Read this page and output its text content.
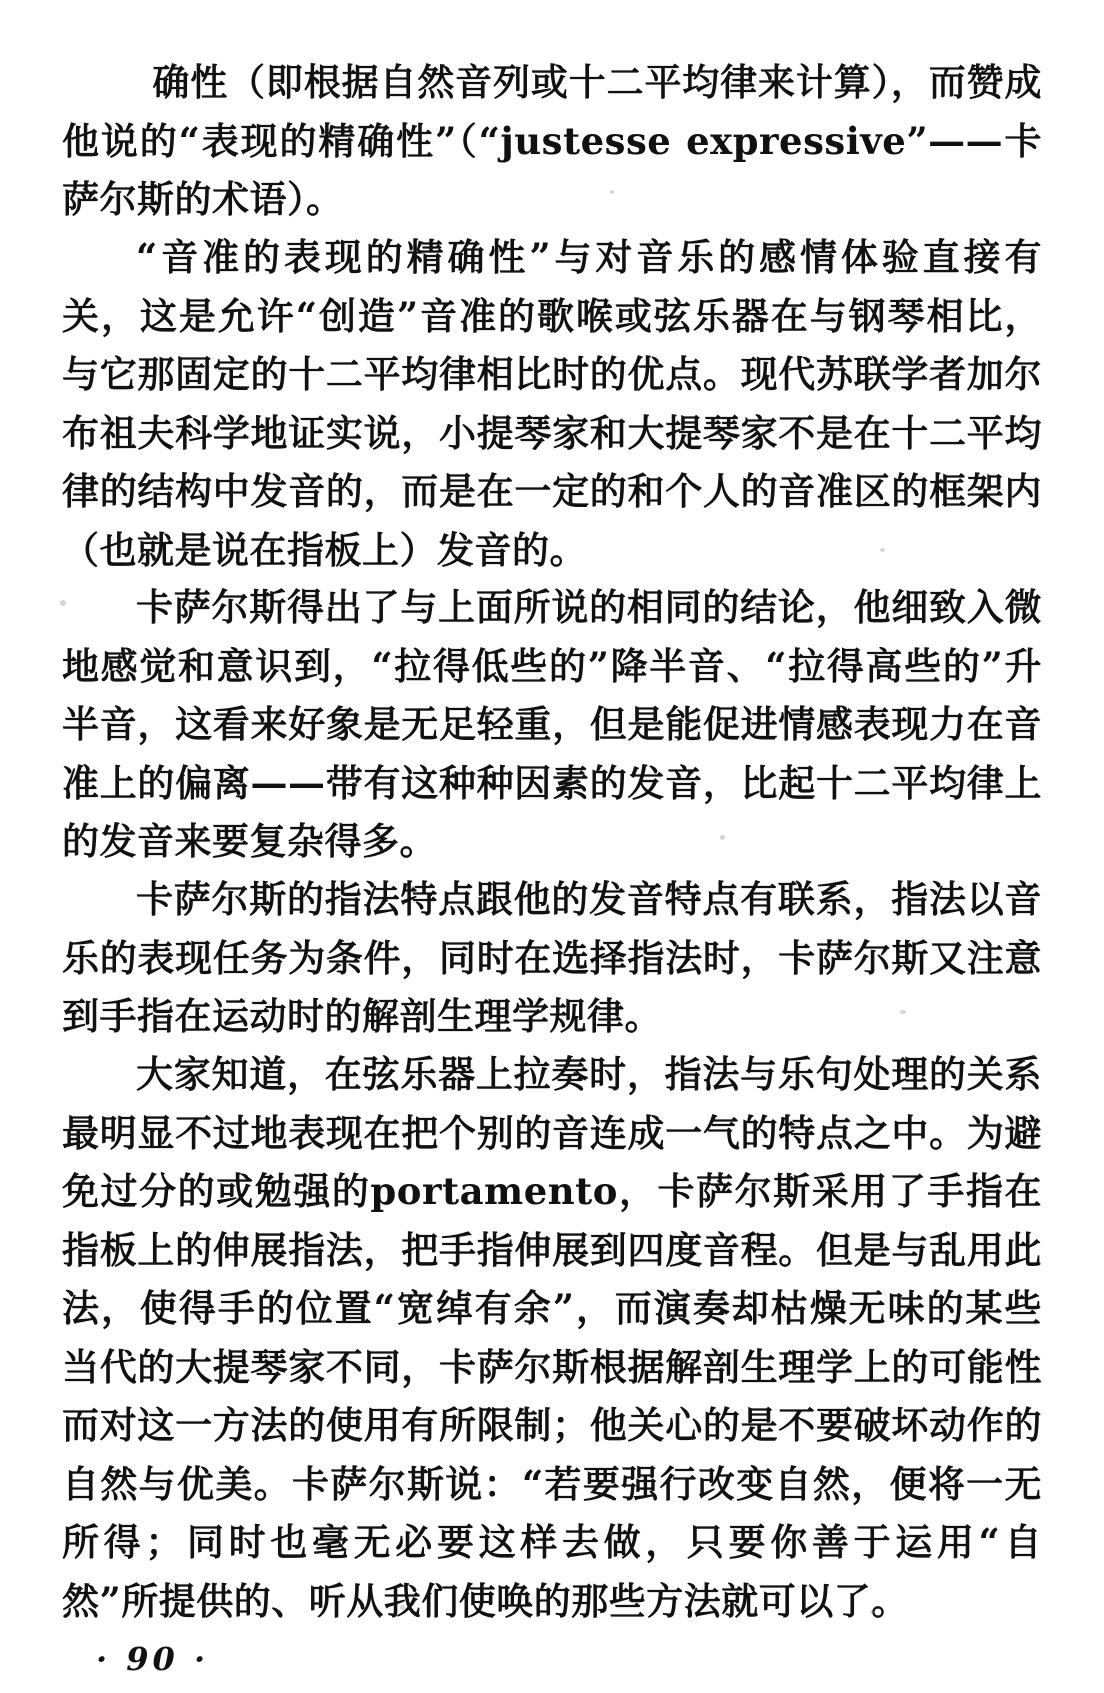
确性（即根据自然音列或十二平均律来计算），而赞成他说的“表现的精确性”（“justesse expressive”——卡萨尔斯的术语）。
“音准的表现的精确性”与对音乐的感情体验直接有关，这是允许“创造”音准的歌喉或弦乐器在与钢琴相比，与它那固定的十二平均律相比时的优点。现代苏联学者加尔布祖夫科学地证实说，小提琴家和大提琴家不是在十二平均律的结构中发音的，而是在一定的和个人的音准区的框架内（也就是说在指板上）发音的。
卡萨尔斯得出了与上面所说的相同的结论，他细致入微地感觉和意识到，“拉得低些的”降半音、“拉得高些的”升半音，这看来好象是无足轻重，但是能促进情感表现力在音准上的偏离——带有这种种因素的发音，比起十二平均律上的发音来要复杂得多。
卡萨尔斯的指法特点跟他的发音特点有联系，指法以音乐的表现任务为条件，同时在选择指法时，卡萨尔斯又注意到手指在运动时的解剖生理学规律。
大家知道，在弦乐器上拉奏时，指法与乐句处理的关系最明显不过地表现在把个别的音连成一气的特点之中。为避免过分的或勉强的portamento，卡萨尔斯采用了手指在指板上的伸展指法，把手指伸展到四度音程。但是与乱用此法，使得手的位置“宽绰有余”，而演奏却枯燥无味的某些当代的大提琴家不同，卡萨尔斯根据解剖生理学上的可能性而对这一方法的使用有所限制；他关心的是不要破坏动作的自然与优美。卡萨尔斯说：“若要强行改变自然，便将一无所得；同时也毫无必要这样去做，只要你善于运用“自然”所提供的、听从我们使唤的那些方法就可以了。
· 90 ·
